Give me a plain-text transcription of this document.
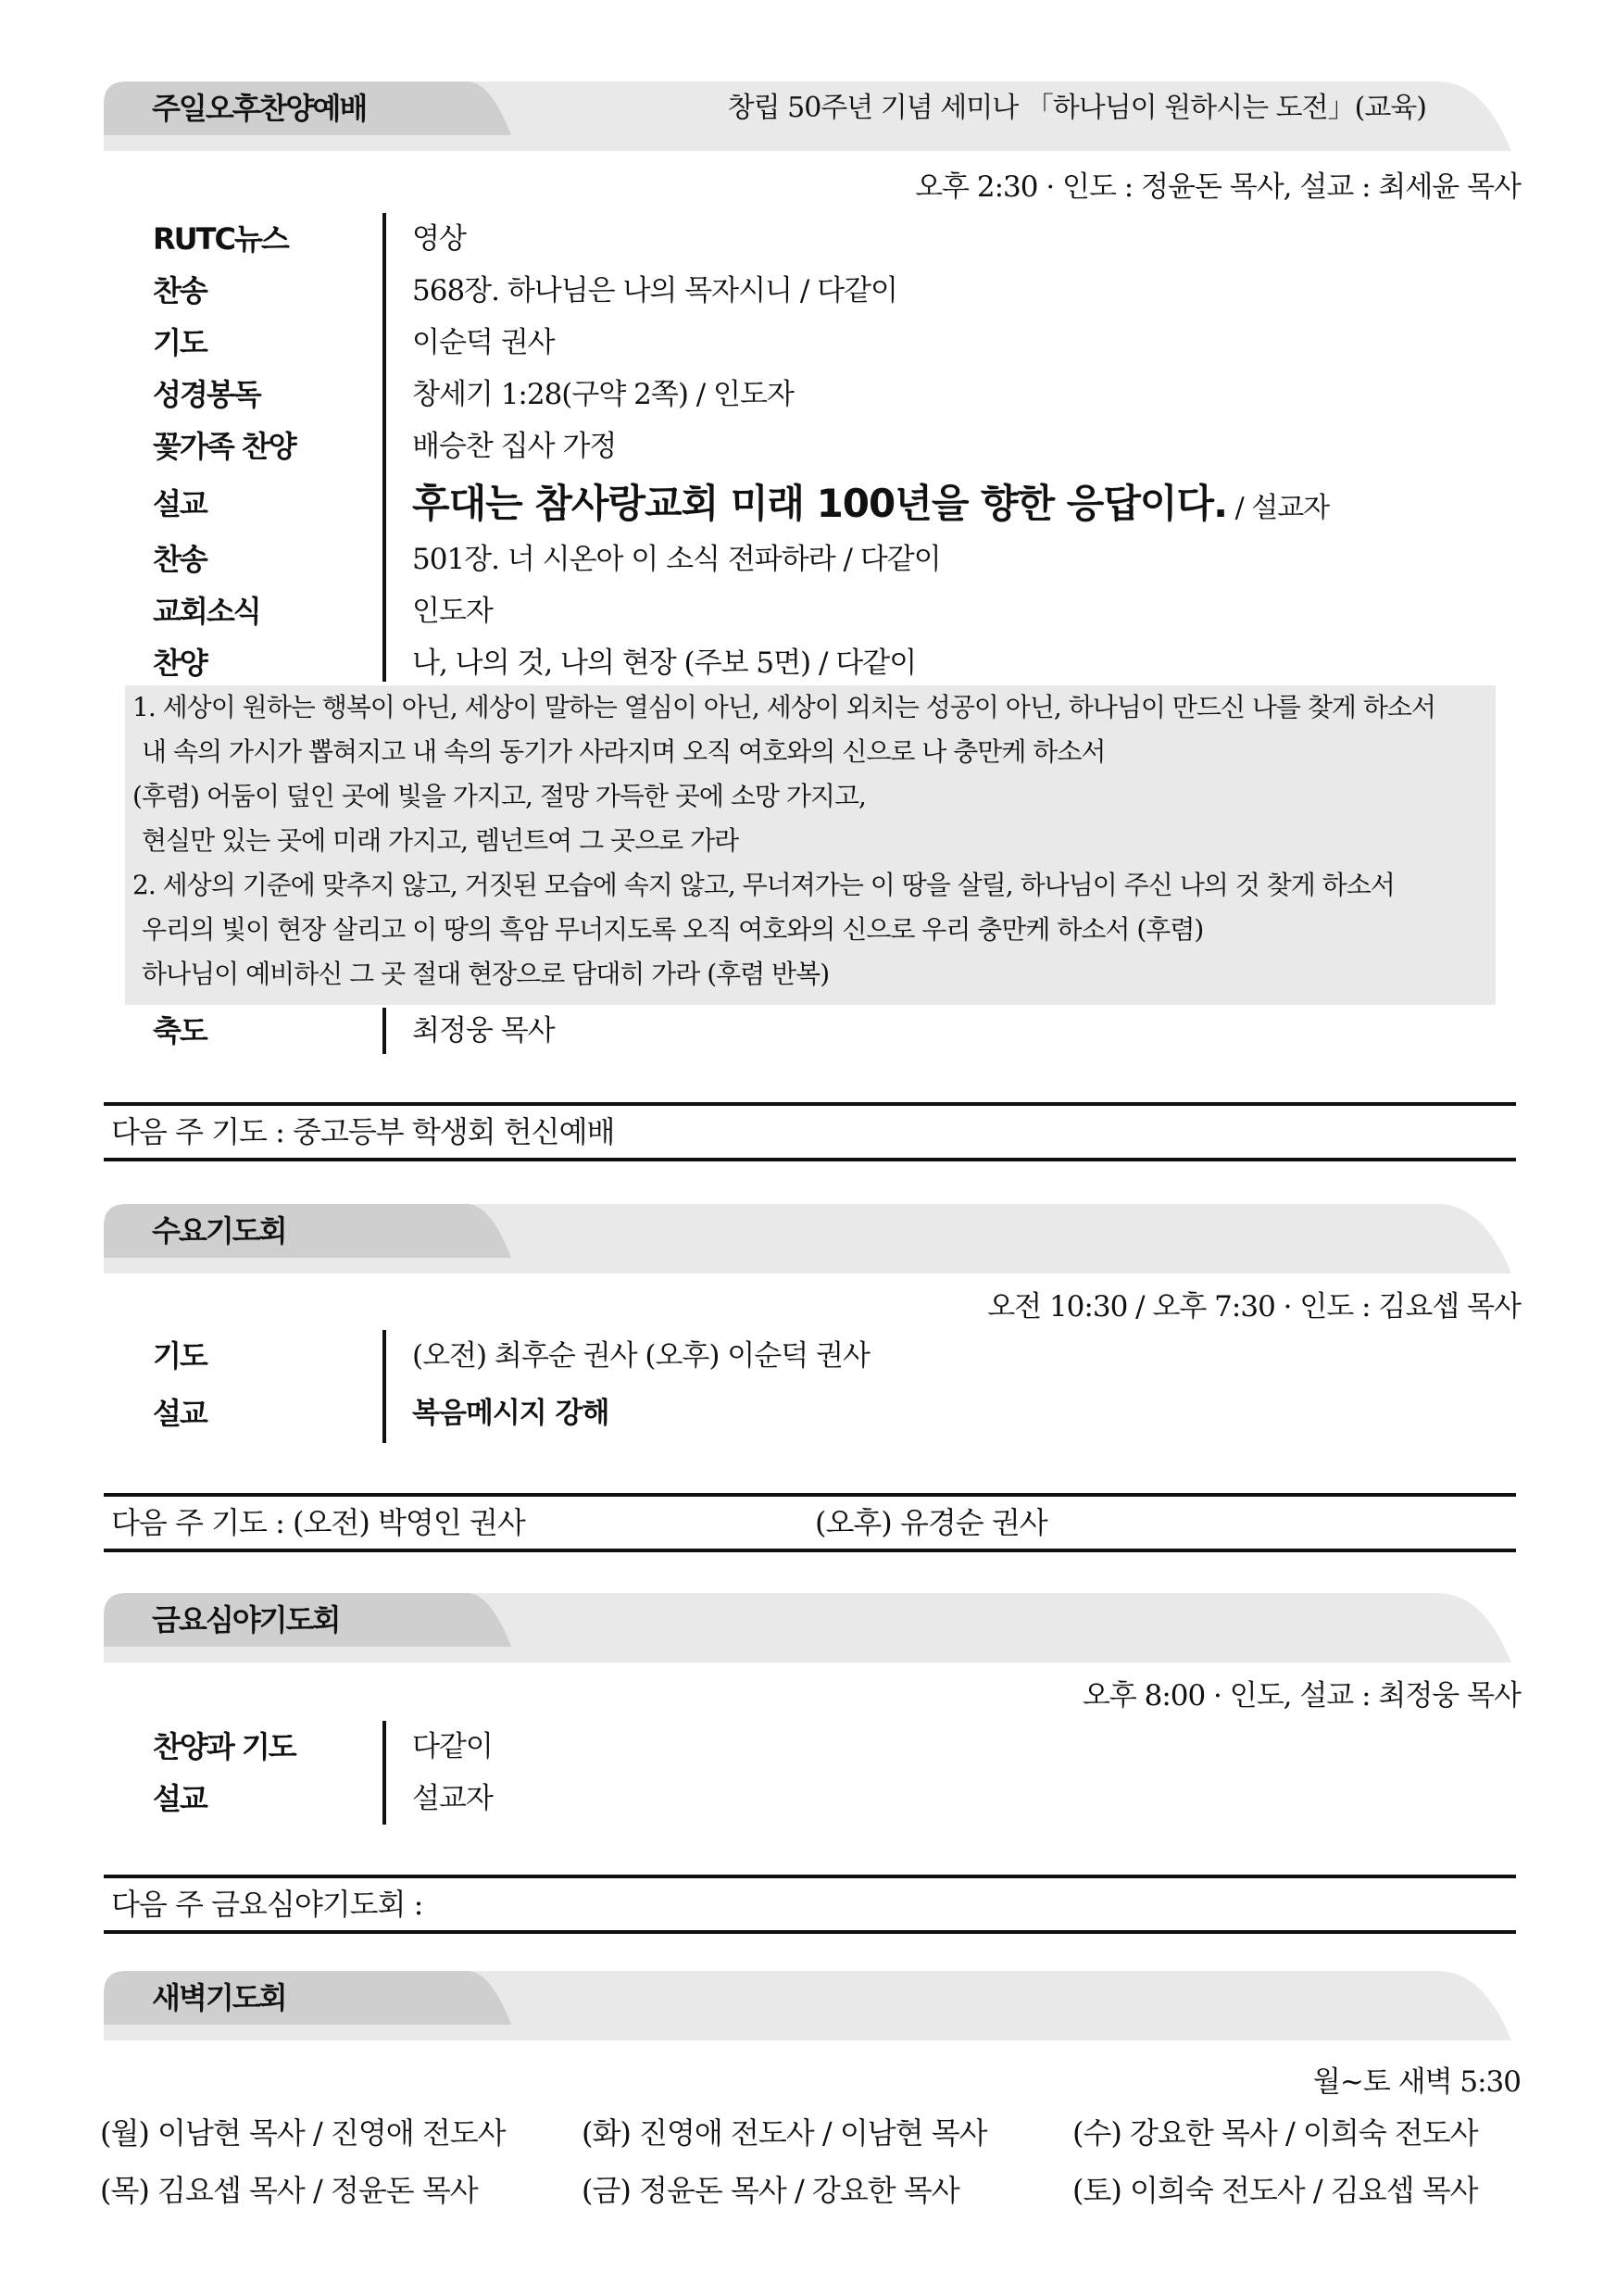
주일오후찬양예배	창립 50주년 기념 세미나 「하나님이 원하시는 도전」(교육)
오후 2:30 · 인도 : 정윤돈 목사, 설교 : 최세윤 목사
RUTC뉴스	영상
찬송	568장. 하나님은 나의 목자시니 / 다같이
기도	이순덕 권사
성경봉독	창세기 1:28(구약 2쪽) / 인도자
꽃가족 찬양	배승찬 집사 가정
설교	후대는 참사랑교회 미래 100년을 향한 응답이다. / 설교자
찬송	501장. 너 시온아 이 소식 전파하라 / 다같이
교회소식	인도자
찬양	나, 나의 것, 나의 현장 (주보 5면) / 다같이
1. 세상이 원하는 행복이 아닌, 세상이 말하는 열심이 아닌, 세상이 외치는 성공이 아닌, 하나님이 만드신 나를 찾게 하소서
내 속의 가시가 뽑혀지고 내 속의 동기가 사라지며 오직 여호와의 신으로 나 충만케 하소서
(후렴) 어둠이 덮인 곳에 빛을 가지고, 절망 가득한 곳에 소망 가지고,
현실만 있는 곳에 미래 가지고, 렘넌트여 그 곳으로 가라
2. 세상의 기준에 맞추지 않고, 거짓된 모습에 속지 않고, 무너져가는 이 땅을 살릴, 하나님이 주신 나의 것 찾게 하소서
우리의 빛이 현장 살리고 이 땅의 흑암 무너지도록 오직 여호와의 신으로 우리 충만케 하소서 (후렴)
하나님이 예비하신 그 곳 절대 현장으로 담대히 가라 (후렴 반복)
축도	최정웅 목사
다음 주 기도 : 중고등부 학생회 헌신예배
수요기도회
오전 10:30 / 오후 7:30 · 인도 : 김요셉 목사
기도	(오전) 최후순 권사 (오후) 이순덕 권사
설교	복음메시지 강해
다음 주 기도 : (오전) 박영인 권사	(오후) 유경순 권사
금요심야기도회
오후 8:00 · 인도, 설교 : 최정웅 목사
찬양과 기도	다같이
설교	설교자
다음 주 금요심야기도회 :
새벽기도회
월~토 새벽 5:30
(월) 이남현 목사 / 진영애 전도사	(화) 진영애 전도사 / 이남현 목사	(수) 강요한 목사 / 이희숙 전도사
(목) 김요셉 목사 / 정윤돈 목사	(금) 정윤돈 목사 / 강요한 목사	(토) 이희숙 전도사 / 김요셉 목사
